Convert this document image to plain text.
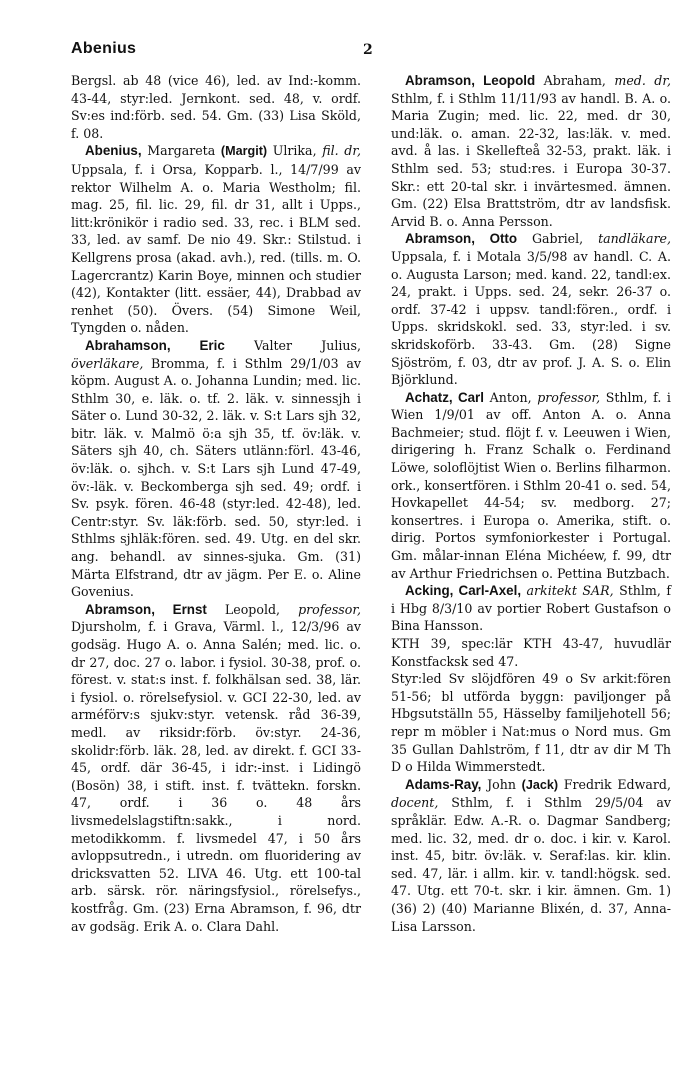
Abenius	2

Bergsl. ab 48 (vice 46), led. av Ind:-komm. 43-44, styr:led. Jernkont. sed. 48, v. ordf. Sv:es ind:förb. sed. 54. Gm. (33) Lisa Sköld, f. 08.

Abenius, Margareta (Margit) Ulrika, fil. dr, Uppsala, f. i Orsa, Kopparb. l., 14/7/99 av rektor Wilhelm A. o. Maria Westholm; fil. mag. 25, fil. lic. 29, fil. dr 31, allt i Upps., litt:krönikör i radio sed. 33, rec. i BLM sed. 33, led. av samf. De nio 49. Skr.: Stilstud. i Kellgrens prosa (akad. avh.), red. (tills. m. O. Lagercrantz) Karin Boye, minnen och studier (42), Kontakter (litt. essäer, 44), Drabbad av renhet (50). Övers. (54) Simone Weil, Tyngden o. nåden.

Abrahamson, Eric Valter Julius, överläkare, Bromma, f. i Sthlm 29/1/03 av köpm. August A. o. Johanna Lundin; med. lic. Sthlm 30, e. läk. o. tf. 2. läk. v. sinnessjh i Säter o. Lund 30-32, 2. läk. v. S:t Lars sjh 32, bitr. läk. v. Malmö ö:a sjh 35, tf. öv:läk. v. Säters sjh 40, ch. Säters utlänn:förl. 43-46, öv:läk. o. sjhch. v. S:t Lars sjh Lund 47-49, öv:-läk. v. Beckomberga sjh sed. 49; ordf. i Sv. psyk. fören. 46-48 (styr:led. 42-48), led. Centr:styr. Sv. läk:förb. sed. 50, styr:led. i Sthlms sjhläk:fören. sed. 49. Utg. en del skr. ang. behandl. av sinnes-sjuka. Gm. (31) Märta Elfstrand, dtr av jägm. Per E. o. Aline Govenius.

Abramson, Ernst Leopold, professor, Djursholm, f. i Grava, Värml. l., 12/3/96 av godsäg. Hugo A. o. Anna Salén; med. lic. o. dr 27, doc. 27 o. labor. i fysiol. 30-38, prof. o. förest. v. stat:s inst. f. folkhälsan sed. 38, lär. i fysiol. o. rörelsefysiol. v. GCI 22-30, led. av arméförv:s sjukv:styr. vetensk. råd 36-39, medl. av riksidr:förb. öv:styr. 24-36, skolidr:förb. läk. 28, led. av direkt. f. GCI 33-45, ordf. där 36-45, i idr:-inst. i Lidingö (Bosön) 38, i stift. inst. f. tvättekn. forskn. 47, ordf. i 36 o. 48 års livsmedelslagstiftn:sakk., i nord. metodikkomm. f. livsmedel 47, i 50 års avloppsutredn., i utredn. om fluoridering av dricksvatten 52. LIVA 46. Utg. ett 100-tal arb. särsk. rör. näringsfysiol., rörelsefys., kostfråg. Gm. (23) Erna Abramson, f. 96, dtr av godsäg. Erik A. o. Clara Dahl.

Abramson, Leopold Abraham, med. dr, Sthlm, f. i Sthlm 11/11/93 av handl. B. A. o. Maria Zugin; med. lic. 22, med. dr 30, und:läk. o. aman. 22-32, las:läk. v. med. avd. å las. i Skellefteå 32-53, prakt. läk. i Sthlm sed. 53; stud:res. i Europa 30-37. Skr.: ett 20-tal skr. i invärtesmed. ämnen. Gm. (22) Elsa Brattström, dtr av landsfisk. Arvid B. o. Anna Persson.

Abramson, Otto Gabriel, tandläkare, Uppsala, f. i Motala 3/5/98 av handl. C. A. o. Augusta Larson; med. kand. 22, tandl:ex. 24, prakt. i Upps. sed. 24, sekr. 26-37 o. ordf. 37-42 i uppsv. tandl:fören., ordf. i Upps. skridskokl. sed. 33, styr:led. i sv. skridskoförb. 33-43. Gm. (28) Signe Sjöström, f. 03, dtr av prof. J. A. S. o. Elin Björklund.

Achatz, Carl Anton, professor, Sthlm, f. i Wien 1/9/01 av off. Anton A. o. Anna Bachmeier; stud. flöjt f. v. Leeuwen i Wien, dirigering h. Franz Schalk o. Ferdinand Löwe, soloflöjtist Wien o. Berlins filharmon. ork., konsertfören. i Sthlm 20-41 o. sed. 54, Hovkapellet 44-54; sv. medborg. 27; konsertres. i Europa o. Amerika, stift. o. dirig. Portos symfoniorkester i Portugal. Gm. målar-innan Eléna Michéew, f. 99, dtr av Arthur Friedrichsen o. Pettina Butzbach.

Acking, Carl-Axel, arkitekt SAR, Sthlm, f i Hbg 8/3/10 av portier Robert Gustafson o Bina Hansson.
KTH 39, spec:lär KTH 43-47, huvudlär Konstfacksk sed 47.
Styr:led Sv slöjdfören 49 o Sv arkit:fören 51-56; bl utförda byggn: paviljonger på Hbgsutställn 55, Hässelby familjehotell 56; repr m möbler i Nat:mus o Nord mus. Gm 35 Gullan Dahlström, f 11, dtr av dir M Th D o Hilda Wimmerstedt.

Adams-Ray, John (Jack) Fredrik Edward, docent, Sthlm, f. i Sthlm 29/5/04 av språklär. Edw. A.-R. o. Dagmar Sandberg; med. lic. 32, med. dr o. doc. i kir. v. Karol. inst. 45, bitr. öv:läk. v. Seraf:las. kir. klin. sed. 47, lär. i allm. kir. v. tandl:högsk. sed. 47. Utg. ett 70-t. skr. i kir. ämnen. Gm. 1) (36) 2) (40) Marianne Blixén, d. 37, Anna-Lisa Larsson.
